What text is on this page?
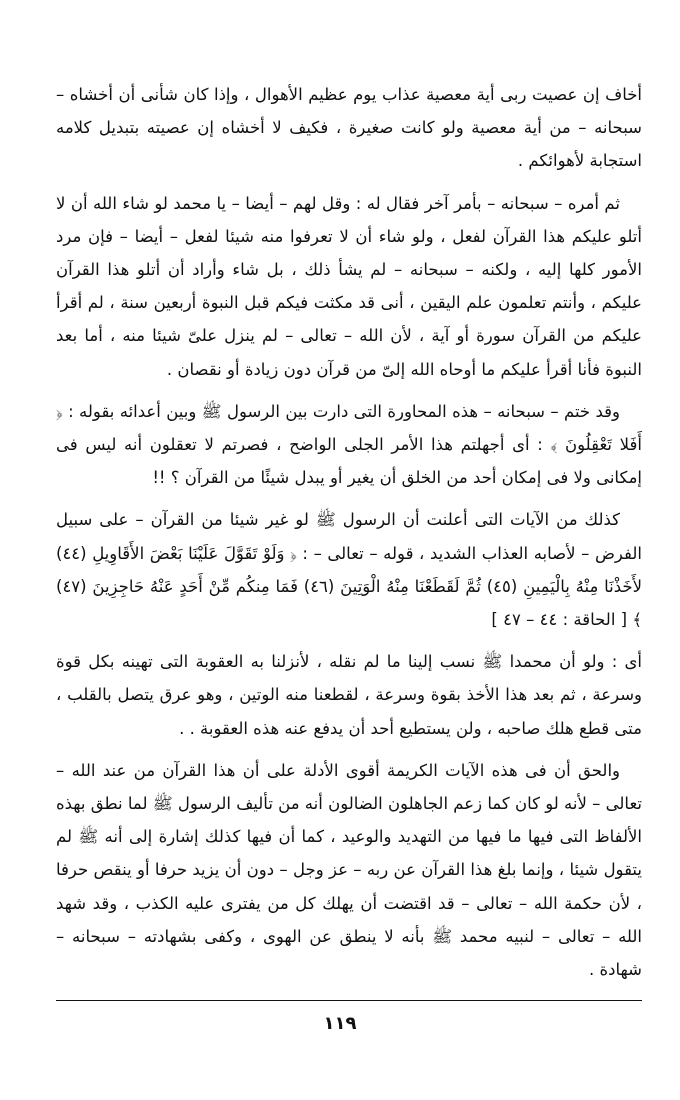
أخاف إن عصيت ربى أية معصية عذاب يوم عظيم الأهوال ، وإذا كان شأنى أن أخشاه – سبحانه – من أية معصية ولو كانت صغيرة ، فكيف لا أخشاه إن عصيته بتبديل كلامه استجابة لأهوائكم .

ثم أمره – سبحانه – بأمر آخر فقال له : وقل لهم – أيضا – يا محمد لو شاء الله أن لا أتلو عليكم هذا القرآن لفعل ، ولو شاء أن لا تعرفوا منه شيئا لفعل – أيضا – فإن مرد الأمور كلها إليه ، ولكنه – سبحانه – لم يشأ ذلك ، بل شاء وأراد أن أتلو هذا القرآن عليكم ، وأنتم تعلمون علم اليقين ، أنى قد مكثت فيكم قبل النبوة أربعين سنة ، لم أقرأ عليكم من القرآن سورة أو آية ، لأن الله – تعالى – لم ينزل علىّ شيئا منه ، أما بعد النبوة فأنا أقرأ عليكم ما أوحاه الله إلىّ من قرآن دون زيادة أو نقصان .

وقد ختم – سبحانه – هذه المحاورة التى دارت بين الرسول ﷺ وبين أعدائه بقوله : ﴿ أَفَلا تَعْقِلُونَ ﴾ : أى أجهلتم هذا الأمر الجلى الواضح ، فصرتم لا تعقلون أنه ليس فى إمكانى ولا فى إمكان أحد من الخلق أن يغير أو يبدل شيئًا من القرآن ؟ !!

كذلك من الآيات التى أعلنت أن الرسول ﷺ لو غير شيئا من القرآن – على سبيل الفرض – لأصابه العذاب الشديد ، قوله – تعالى – : ﴿ وَلَوْ تَقَوَّلَ عَلَيْنَا بَعْضَ الأَقَاوِيلِ (٤٤) لأَخَذْنَا مِنْهُ بِالْيَمِينِ (٤٥) ثُمَّ لَقَطَعْنَا مِنْهُ الْوَتِينَ (٤٦) فَمَا مِنكُم مِّنْ أَحَدٍ عَنْهُ حَاجِزِينَ (٤٧) ﴾ [ الحاقة : ٤٤ – ٤٧ ]

أى : ولو أن محمدا ﷺ نسب إلينا ما لم نقله ، لأنزلنا به العقوبة التى تهينه بكل قوة وسرعة ، ثم بعد هذا الأخذ بقوة وسرعة ، لقطعنا منه الوتين ، وهو عرق يتصل بالقلب ، متى قطع هلك صاحبه ، ولن يستطيع أحد أن يدفع عنه هذه العقوبة . .

والحق أن فى هذه الآيات الكريمة أقوى الأدلة على أن هذا القرآن من عند الله – تعالى – لأنه لو كان كما زعم الجاهلون الضالون أنه من تأليف الرسول ﷺ لما نطق بهذه الألفاظ التى فيها ما فيها من التهديد والوعيد ، كما أن فيها كذلك إشارة إلى أنه ﷺ لم يتقول شيئا ، وإنما بلغ هذا القرآن عن ربه – عز وجل – دون أن يزيد حرفا أو ينقص حرفا ، لأن حكمة الله – تعالى – قد اقتضت أن يهلك كل من يفترى عليه الكذب ، وقد شهد الله – تعالى – لنبيه محمد ﷺ بأنه لا ينطق عن الهوى ، وكفى بشهادته – سبحانه – شهادة .

١١٩
